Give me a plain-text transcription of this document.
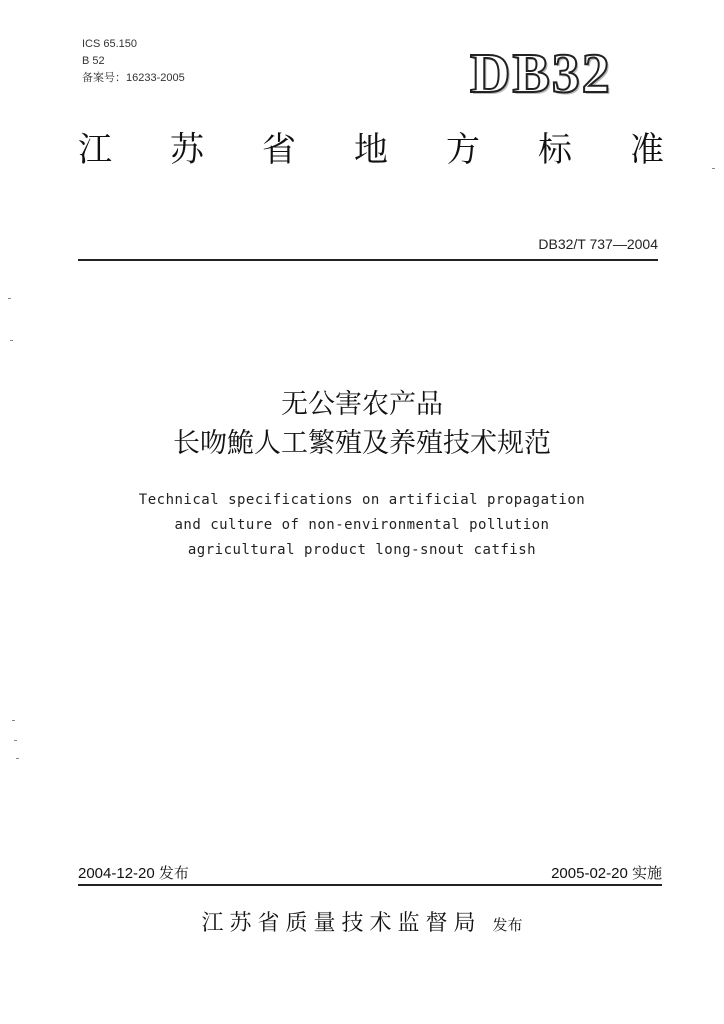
ICS 65.150
B 52
备案号：16233-2005	DB32
江 苏 省 地 方 标 准
DB32/T 737—2004
无公害农产品
长吻鮠人工繁殖及养殖技术规范
Technical specifications on artificial propagation
and culture of non-environmental pollution
agricultural product long-snout catfish
2004-12-20 发布	2005-02-20 实施
江苏省质量技术监督局 发布
